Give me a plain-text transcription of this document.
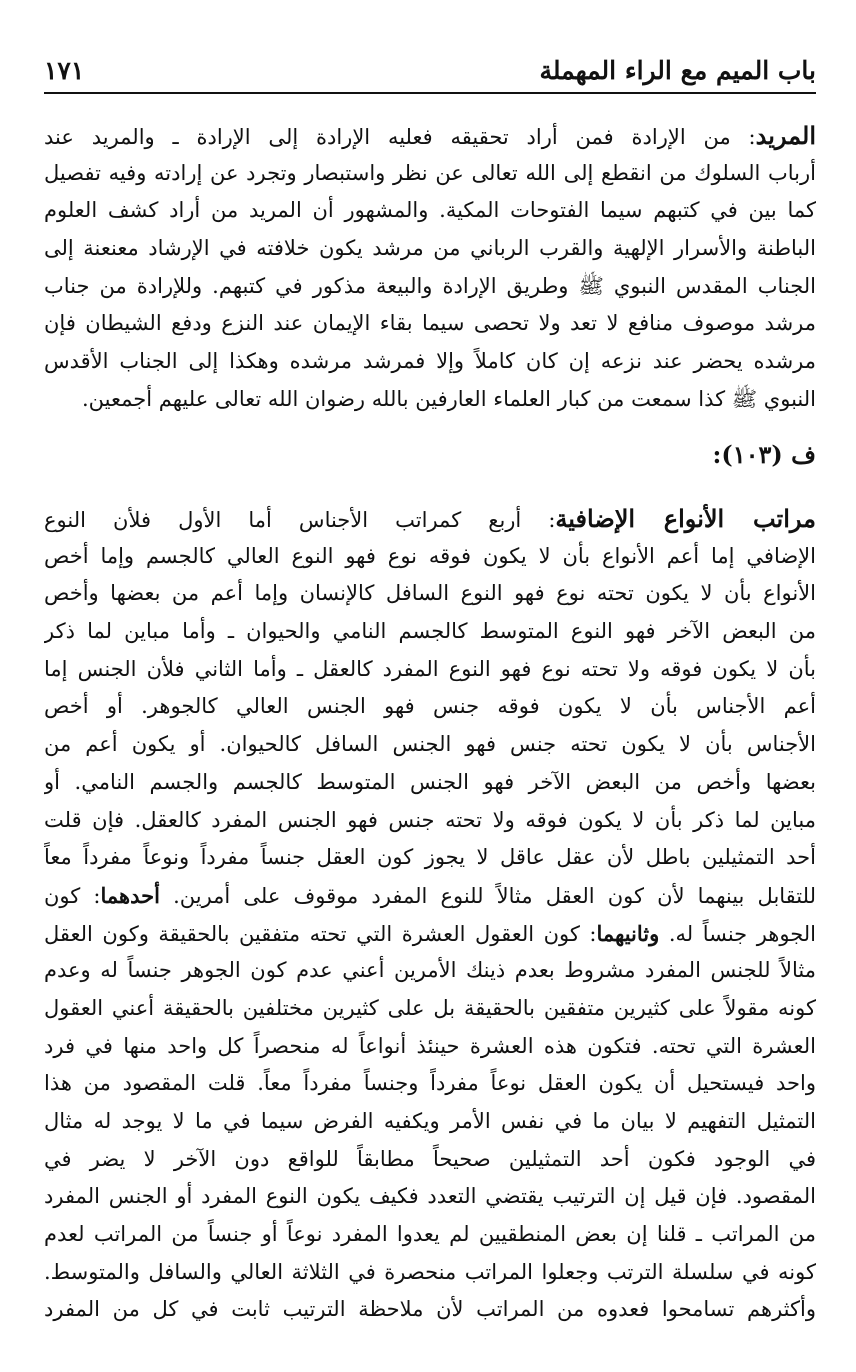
باب الميم مع الراء المهملة
١٧١
المريد: من الإرادة فمن أراد تحقيقه فعليه الإرادة إلى الإرادة ـ والمريد عند
أرباب السلوك من انقطع إلى الله تعالى عن نظر واستبصار وتجرد عن إرادته وفيه تفصيل
كما بين في كتبهم سيما الفتوحات المكية. والمشهور أن المريد من أراد كشف العلوم
الباطنة والأسرار الإلهية والقرب الرباني من مرشد يكون خلافته في الإرشاد معنعنة إلى
الجناب المقدس النبوي ﷺ وطريق الإرادة والبيعة مذكور في كتبهم. وللإرادة من جناب
مرشد موصوف منافع لا تعد ولا تحصى سيما بقاء الإيمان عند النزع ودفع الشيطان فإن
مرشده يحضر عند نزعه إن كان كاملاً وإلا فمرشد مرشده وهكذا إلى الجناب الأقدس
النبوي ﷺ كذا سمعت من كبار العلماء العارفين بالله رضوان الله تعالى عليهم أجمعين.
ف (١٠٣):
مراتب الأنواع الإضافية: أربع كمراتب الأجناس أما الأول فلأن النوع
الإضافي إما أعم الأنواع بأن لا يكون فوقه نوع فهو النوع العالي كالجسم وإما أخص
الأنواع بأن لا يكون تحته نوع فهو النوع السافل كالإنسان وإما أعم من بعضها وأخص
من البعض الآخر فهو النوع المتوسط كالجسم النامي والحيوان ـ وأما مباين لما ذكر
بأن لا يكون فوقه ولا تحته نوع فهو النوع المفرد كالعقل ـ وأما الثاني فلأن الجنس إما
أعم الأجناس بأن لا يكون فوقه جنس فهو الجنس العالي كالجوهر. أو أخص
الأجناس بأن لا يكون تحته جنس فهو الجنس السافل كالحيوان. أو يكون أعم من
بعضها وأخص من البعض الآخر فهو الجنس المتوسط كالجسم والجسم النامي. أو
مباين لما ذكر بأن لا يكون فوقه ولا تحته جنس فهو الجنس المفرد كالعقل. فإن قلت
أحد التمثيلين باطل لأن عقل عاقل لا يجوز كون العقل جنساً مفرداً ونوعاً مفرداً معاً
للتقابل بينهما لأن كون العقل مثالاً للنوع المفرد موقوف على أمرين. أحدهما: كون
الجوهر جنساً له. وثانيهما: كون العقول العشرة التي تحته متفقين بالحقيقة وكون العقل
مثالاً للجنس المفرد مشروط بعدم ذينك الأمرين أعني عدم كون الجوهر جنساً له وعدم
كونه مقولاً على كثيرين متفقين بالحقيقة بل على كثيرين مختلفين بالحقيقة أعني العقول
العشرة التي تحته. فتكون هذه العشرة حينئذ أنواعاً له منحصراً كل واحد منها في فرد
واحد فيستحيل أن يكون العقل نوعاً مفرداً وجنساً مفرداً معاً. قلت المقصود من هذا
التمثيل التفهيم لا بيان ما في نفس الأمر ويكفيه الفرض سيما في ما لا يوجد له مثال
في الوجود فكون أحد التمثيلين صحيحاً مطابقاً للواقع دون الآخر لا يضر في
المقصود. فإن قيل إن الترتيب يقتضي التعدد فكيف يكون النوع المفرد أو الجنس المفرد
من المراتب ـ قلنا إن بعض المنطقيين لم يعدوا المفرد نوعاً أو جنساً من المراتب لعدم
كونه في سلسلة الترتب وجعلوا المراتب منحصرة في الثلاثة العالي والسافل والمتوسط.
وأكثرهم تسامحوا فعدوه من المراتب لأن ملاحظة الترتيب ثابت في كل من المفرد
